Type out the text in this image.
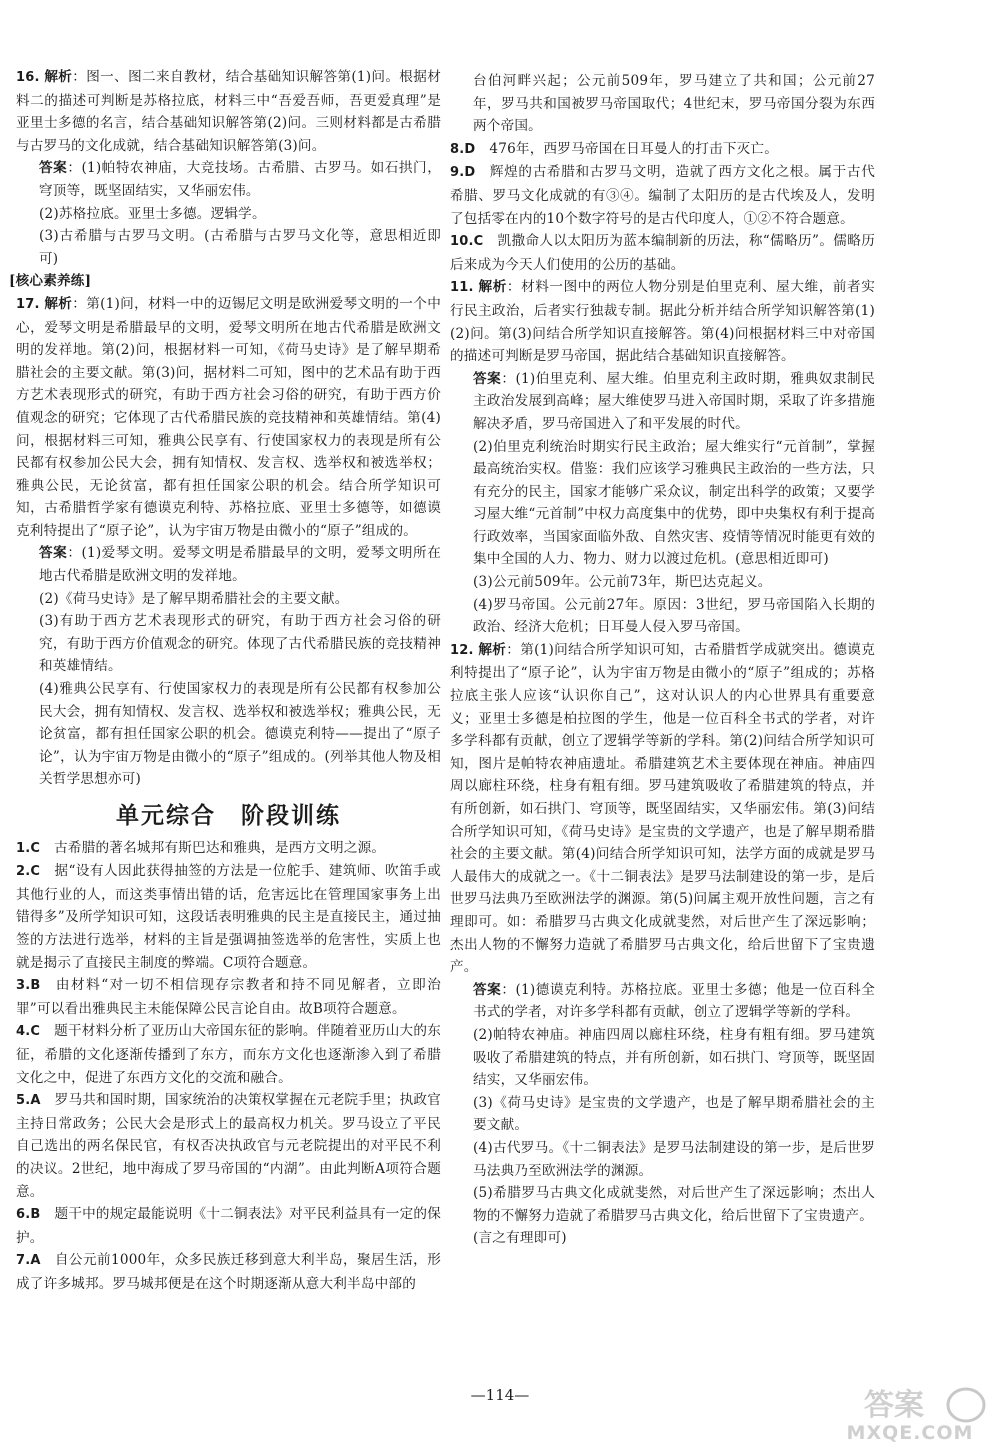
16. 解析：图一、图二来自教材，结合基础知识解答第(1)问。根据材料二的描述可判断是苏格拉底，材料三中“吾爱吾师，吾更爱真理”是亚里士多德的名言，结合基础知识解答第(2)问。三则材料都是古希腊与古罗马的文化成就，结合基础知识解答第(3)问。

答案：(1)帕特农神庙，大竞技场。古希腊、古罗马。如石拱门，穹顶等，既坚固结实，又华丽宏伟。

(2)苏格拉底。亚里士多德。逻辑学。

(3)古希腊与古罗马文明。(古希腊与古罗马文化等，意思相近即可)

[核心素养练]

17. 解析：第(1)问，材料一中的迈锡尼文明是欧洲爱琴文明的一个中心，爱琴文明是希腊最早的文明，爱琴文明所在地古代希腊是欧洲文明的发祥地。第(2)问，根据材料一可知，《荷马史诗》是了解早期希腊社会的主要文献。第(3)问，据材料二可知，图中的艺术品有助于西方艺术表现形式的研究，有助于西方社会习俗的研究，有助于西方价值观念的研究；它体现了古代希腊民族的竞技精神和英雄情结。第(4)问，根据材料三可知，雅典公民享有、行使国家权力的表现是所有公民都有权参加公民大会，拥有知情权、发言权、选举权和被选举权；雅典公民，无论贫富，都有担任国家公职的机会。结合所学知识可知，古希腊哲学家有德谟克利特、苏格拉底、亚里士多德等，如德谟克利特提出了“原子论”，认为宇宙万物是由微小的“原子”组成的。

答案：(1)爱琴文明。爱琴文明是希腊最早的文明，爱琴文明所在地古代希腊是欧洲文明的发祥地。

(2)《荷马史诗》是了解早期希腊社会的主要文献。

(3)有助于西方艺术表现形式的研究，有助于西方社会习俗的研究，有助于西方价值观念的研究。体现了古代希腊民族的竞技精神和英雄情结。

(4)雅典公民享有、行使国家权力的表现是所有公民都有权参加公民大会，拥有知情权、发言权、选举权和被选举权；雅典公民，无论贫富，都有担任国家公职的机会。德谟克利特——提出了“原子论”，认为宇宙万物是由微小的“原子”组成的。(列举其他人物及相关哲学思想亦可)

单元综合　阶段训练

1.C 古希腊的著名城邦有斯巴达和雅典，是西方文明之源。

2.C 据“设有人因此获得抽签的方法是一位舵手、建筑师、吹笛手或其他行业的人，而这类事情出错的话，危害远比在管理国家事务上出错得多”及所学知识可知，这段话表明雅典的民主是直接民主，通过抽签的方法进行选举，材料的主旨是强调抽签选举的危害性，实质上也就是揭示了直接民主制度的弊端。C项符合题意。

3.B 由材料“对一切不相信现存宗教者和持不同见解者，立即治罪”可以看出雅典民主未能保障公民言论自由。故B项符合题意。

4.C 题干材料分析了亚历山大帝国东征的影响。伴随着亚历山大的东征，希腊的文化逐渐传播到了东方，而东方文化也逐渐渗入到了希腊文化之中，促进了东西方文化的交流和融合。

5.A 罗马共和国时期，国家统治的决策权掌握在元老院手里；执政官主持日常政务；公民大会是形式上的最高权力机关。罗马设立了平民自己选出的两名保民官，有权否决执政官与元老院提出的对平民不利的决议。2世纪，地中海成了罗马帝国的“内湖”。由此判断A项符合题意。

6.B 题干中的规定最能说明《十二铜表法》对平民利益具有一定的保护。

7.A 自公元前1000年，众多民族迁移到意大利半岛，聚居生活，形成了许多城邦。罗马城邦便是在这个时期逐渐从意大利半岛中部的

台伯河畔兴起；公元前509年，罗马建立了共和国；公元前27年，罗马共和国被罗马帝国取代；4世纪末，罗马帝国分裂为东西两个帝国。

8.D 476年，西罗马帝国在日耳曼人的打击下灭亡。

9.D 辉煌的古希腊和古罗马文明，造就了西方文化之根。属于古代希腊、罗马文化成就的有③④。编制了太阳历的是古代埃及人，发明了包括零在内的10个数字符号的是古代印度人，①②不符合题意。

10.C 凯撒命人以太阳历为蓝本编制新的历法，称“儒略历”。儒略历后来成为今天人们使用的公历的基础。

11. 解析：材料一图中的两位人物分别是伯里克利、屋大维，前者实行民主政治，后者实行独裁专制。据此分析并结合所学知识解答第(1)(2)问。第(3)问结合所学知识直接解答。第(4)问根据材料三中对帝国的描述可判断是罗马帝国，据此结合基础知识直接解答。

答案：(1)伯里克利、屋大维。伯里克利主政时期，雅典奴隶制民主政治发展到高峰；屋大维使罗马进入帝国时期，采取了许多措施解决矛盾，罗马帝国进入了和平发展的时代。

(2)伯里克利统治时期实行民主政治；屋大维实行“元首制”，掌握最高统治实权。借鉴：我们应该学习雅典民主政治的一些方法，只有充分的民主，国家才能够广采众议，制定出科学的政策；又要学习屋大维“元首制”中权力高度集中的优势，即中央集权有利于提高行政效率，当国家面临外敌、自然灾害、疫情等情况时能更有效的集中全国的人力、物力、财力以渡过危机。(意思相近即可)

(3)公元前509年。公元前73年，斯巴达克起义。

(4)罗马帝国。公元前27年。原因：3世纪，罗马帝国陷入长期的政治、经济大危机；日耳曼人侵入罗马帝国。

12. 解析：第(1)问结合所学知识可知，古希腊哲学成就突出。德谟克利特提出了“原子论”，认为宇宙万物是由微小的“原子”组成的；苏格拉底主张人应该“认识你自己”，这对认识人的内心世界具有重要意义；亚里士多德是柏拉图的学生，他是一位百科全书式的学者，对许多学科都有贡献，创立了逻辑学等新的学科。第(2)问结合所学知识可知，图片是帕特农神庙遗址。希腊建筑艺术主要体现在神庙。神庙四周以廊柱环绕，柱身有粗有细。罗马建筑吸收了希腊建筑的特点，并有所创新，如石拱门、穹顶等，既坚固结实，又华丽宏伟。第(3)问结合所学知识可知，《荷马史诗》是宝贵的文学遗产，也是了解早期希腊社会的主要文献。第(4)问结合所学知识可知，法学方面的成就是罗马人最伟大的成就之一。《十二铜表法》是罗马法制建设的第一步，是后世罗马法典乃至欧洲法学的渊源。第(5)问属主观开放性问题，言之有理即可。如：希腊罗马古典文化成就斐然，对后世产生了深远影响；杰出人物的不懈努力造就了希腊罗马古典文化，给后世留下了宝贵遗产。

答案：(1)德谟克利特。苏格拉底。亚里士多德；他是一位百科全书式的学者，对许多学科都有贡献，创立了逻辑学等新的学科。

(2)帕特农神庙。神庙四周以廊柱环绕，柱身有粗有细。罗马建筑吸收了希腊建筑的特点，并有所创新，如石拱门、穹顶等，既坚固结实，又华丽宏伟。

(3)《荷马史诗》是宝贵的文学遗产，也是了解早期希腊社会的主要文献。

(4)古代罗马。《十二铜表法》是罗马法制建设的第一步，是后世罗马法典乃至欧洲法学的渊源。

(5)希腊罗马古典文化成就斐然，对后世产生了深远影响；杰出人物的不懈努力造就了希腊罗马古典文化，给后世留下了宝贵遗产。

(言之有理即可)

—114—	答案
MXQE.COM
